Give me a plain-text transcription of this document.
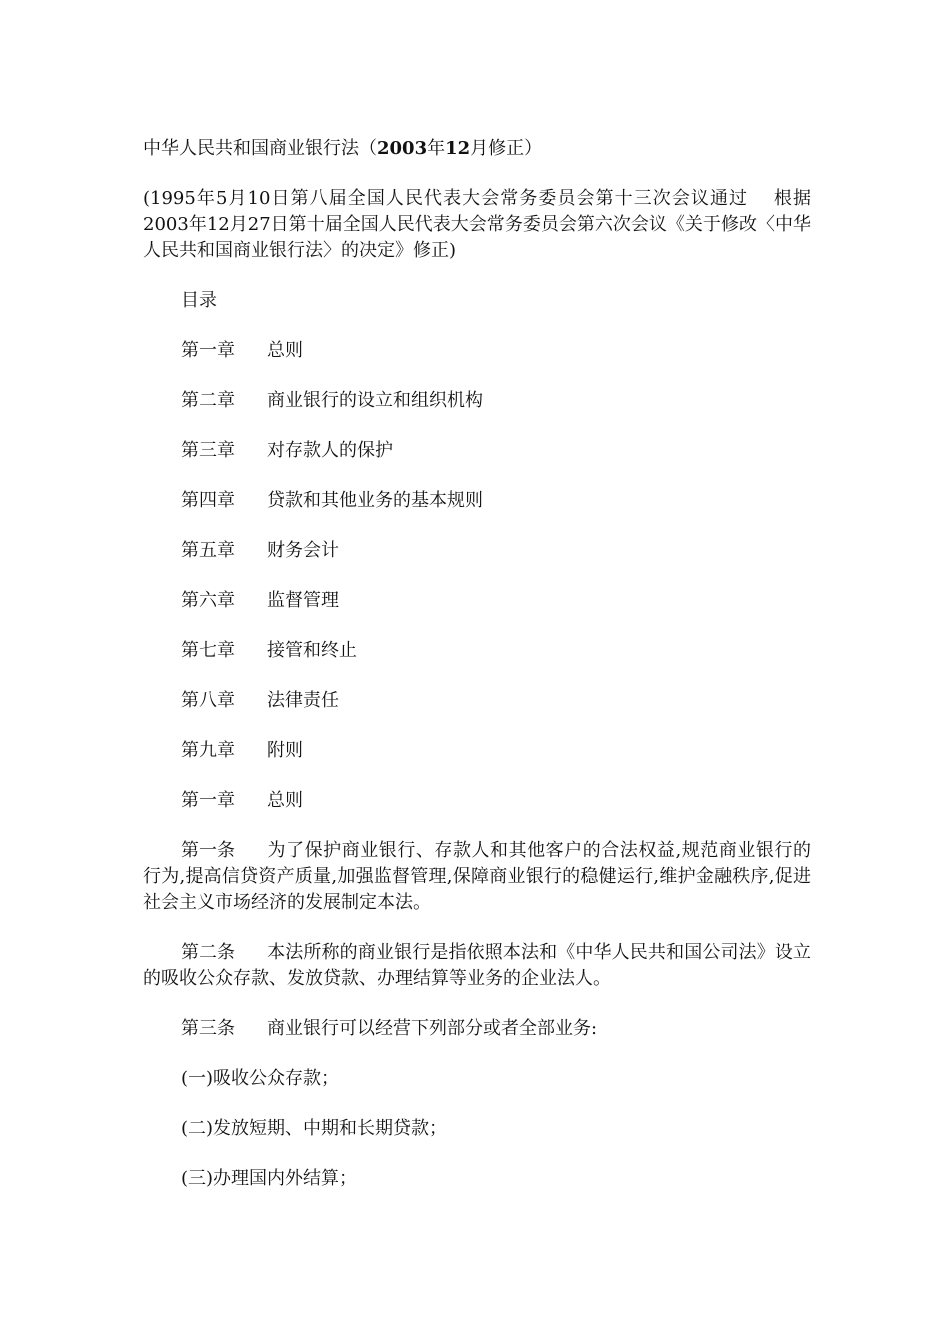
中华人民共和国商业银行法（2003年12月修正）

(1995年5月10日第八届全国人民代表大会常务委员会第十三次会议通过　 根据2003年12月27日第十届全国人民代表大会常务委员会第六次会议《关于修改〈中华人民共和国商业银行法〉的决定》修正)

目录

第一章 总则

第二章 商业银行的设立和组织机构

第三章 对存款人的保护

第四章 贷款和其他业务的基本规则

第五章 财务会计

第六章 监督管理

第七章 接管和终止

第八章 法律责任

第九章 附则

第一章 总则

第一条 为了保护商业银行、存款人和其他客户的合法权益,规范商业银行的行为,提高信贷资产质量,加强监督管理,保障商业银行的稳健运行,维护金融秩序,促进社会主义市场经济的发展制定本法。

第二条 本法所称的商业银行是指依照本法和《中华人民共和国公司法》设立的吸收公众存款、发放贷款、办理结算等业务的企业法人。

第三条 商业银行可以经营下列部分或者全部业务:

(一)吸收公众存款；

(二)发放短期、中期和长期贷款；

(三)办理国内外结算；
